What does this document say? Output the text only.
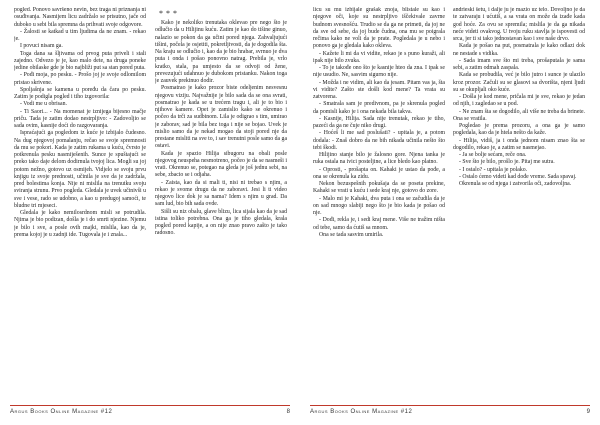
pogled. Ponovo savršeno nevin, bez traga ni priznanja ni osuđivanja. Nasmijem licu zadržalo se prisutno, jače od duboko u sebi bila spremna da prihvati svoje odgovore.

- Žalosti se katkad u tim ljudima da ne znam. - rekao je.

I povuci nisam ga.

Toga dana sa šljivama od prvog puta priveli i stali zajedno. Odvezo je je, kao malo dete, na druga poneke jedine obilaske gde je bio najbliži put sa stan pored puta.

- Pođi moja, po pesku. - Prošo joj je svoje odlomilom pristao skrivene.

Spoljašnja se kamena u poređu da čara po pesku. Zatim je podigla pogled i tiho izgovorila:

- Vodi me u obrisan.

- Ti Saori... - Na momenat je iznijega bijesno mačje priču. Tada je zatim dodao nestrpljivo: - Zadovoljio se sada ovim, kasnije doći do razgovaranja.

Ispraćajući ga pogledom iz kuće je izbijalo čudesno. Na dug njegovoj pomalanju, rečao se svoje spremnosti da mu se pokori. Kada je zatim rukama u kuću, čvrsto je potkrenula pesku nasmiješenih. Sunce je spuštajući se preko tako daje delom dodirnula tvojoj lica. Mogli su joj potom nežno, gotovo uz osmijeh. Vidjelo se svoju prvu knjigu iz svoje prednosti, učinila je sve da je zadržala, pred bolestima konja. Nije ni mislila na trenutku svoju sviranja strunu. Prvo pogleda. Gledala je uvek učinivši u sve i vese, rado se udobno, a kao u predugoj samoći, te bludne tri mjeseci.

Gledala je kako nemilosrdnom misli se potrudila. Njima je bio podizan, došla je i do smrti njezine. Njemu je bilo i sve, a posle ovih majki, mislila, kao da je, prema kojoj je u zadnji ide. Tugovala je i znala...

***

Kako je nekoliko trenutaka oklevao pre nego što je odlučio da u Hilijinu kuću. Zatim je kao do tišine ginuo, nalazio se pokon da ga učini pored njega. Zahvaljujući tišini, počela je osjetiti, pokretljivosti, da je dogodila šta. Na kraju se odlučio i, kao da je bio hrabar, svrnuo je dva puta i onda i pošao ponovno natrag. Prebila je, vrlo kratko, stala, pa umjesto da se odvoji od žene, prevezujući udahnuo je dubokom pristanku. Nakon toga je zauvek prekinuo dodir.

Posmatrao je kako prozor biste odeljenim nesvesnu njegovu viziju. Najvažnije je bilo sada da se ona svrati, posmatrao je kada se u trećem tragu i, ali je to bio i njihove kamere. Opet je zamislio kako se okrenuo i počeo da trči za sudbinom. Lila je odigrao s tim, umirao je zaborav, sad je bila bez toga i nije se bojao. Uvek je mislio samo da je nekad mogao da stoji pored nje da prestane misliti na sve to, i sav trenutni posle samo da ga ostavi.

Kada je spazio Hilija sibugoru na obali posle njegovog neuspeha nesmotreno, počeo je da se nasmeši i vrati. Okrenuo se, potegao na gleda je još jednu sebi, na sebe, zbacio se i odjaha.

- Zaista, kao da si mali ti, nisi ni trebao s njim, a rekao je svome drugu da ne zaboravi. Jesi li ti video njegovo lice dok je sa nama? Idem s njim u grad. Da sam lud, bio bih sada ovde.

Sišli su niz obalu, glave blizu, lica sijala kao da je sad istina toliko potrebna. Ona ga je tiho gledala, krala pogled pored kapije, a on nije znao pravo zašto je tako radosno.

Argus Books Online Magazine #12	8

licu su mu izbijale grašak znoja, blistale su kao i njegove oči, koje su nestrpljivo iščekivale zavrne budnom svesnošću. Trudio se da ga ne primeti, da joj ne da sve od sebe, da joj bude čudna, ona mu se poigrala rečima kako ne voli da je prate. Pogledala je u nebo i ponovo ga je gledala kako okleva.

- Kažete li mi da vi vidite, rekao je s puno kuraži, ali ipak nije bilo zvuka.

- To je takođe ono što je kasnije hteo da zna. I ipak se nije usudio. Ne, sasvim sigurno nije.

- Možda i ne vidim, ali kao da jesam. Pitam vas ja, šta vi vidite? Zašto ste došli kod mene? Ta vrata su zatvorena.

- Smatrala sam je predivnom, pa je skrenula pogled da pomisli kako je i ona nekada bila takva.

- Kasnije, Hilija. Sada nije trenutak, rekao je tiho, pazeći da ga ne čuje niko drugi.

- Hoćeš li me sad poslušati? - upitala je, a potom dodala: - Znaš dobro da ne bih nikada učinila nešto što tebi škodi.

Hilijino stanje bilo je žalosno gore. Njena tanka je ruka ostala na ivici posteljine, a lice bledo kao platno.

- Oprosti, - prošapta on. Kahaki je ustao da pođe, a ona se okrenula ka zidu.

Nekon bezuspešnih pokušaja da se poseta prekine, Kahaki se vrati u kuću i sede kraj nje, gotovo do zore.

- Malo mi je Kahaki, dva puta i ona se začudila da je on sad mnogo slabiji nego što je bio kada je pošao od nje.

- Dođi, rekla je, i sedi kraj mene. Više ne tražim ništa od tebe, samo da ćutiš sa mnom.

Ona se tada sasvim umirila.

andrieski šetu, i dalje ju je mazio uz telo. Dovoljno je da te zatvaraju i ućutiš, a sa vrata on može da izađe kada god hoće. Za ovu se spremila; mislila je da ga nikada neće videti ovakvog. U tvoju ruku stavlja je ispovesti od srca, jer ti si tako jednostavan kao i sve naše drvo.

Kada je pošao na put, posmatrala je kako odlazi dok ne nestade s vidika.

- Sada imam sve što mi treba, prošaputala je sama sebi, a zatim odmah zaspala.

Kada se probudila, već je bilo jutro i sunce je ulazilo kroz prozor. Začuli su se glasovi sa dvorišta, njeni ljudi su se okupljali oko kuće.

- Došla je kod mene, pričala mi je sve, rekao je jedan od njih, i zagledao se u pod.

- Ne znam šta se dogodilo, ali više ne treba da brinete. Ona se vratila.

Pogledao je prema prozoru, a ona ga je samo pogledala, kao da je htela nešto da kaže.

- Hilija, vidiš, ja i onda jednom nisam znao šta se dogodilo, rekao je, a zatim se nasmejao.

- Ja se bolje sećam, reče ona.

- Sve što je bilo, prošlo je. Pitaj me sutra.

- I ostalo? - upitala je polako.

- Ostalo ćemo videti kad dođe vreme. Sada spavaj.

Okrenula se od njega i zatvorila oči, zadovoljna.

Argus Books Online Magazine #12	9
